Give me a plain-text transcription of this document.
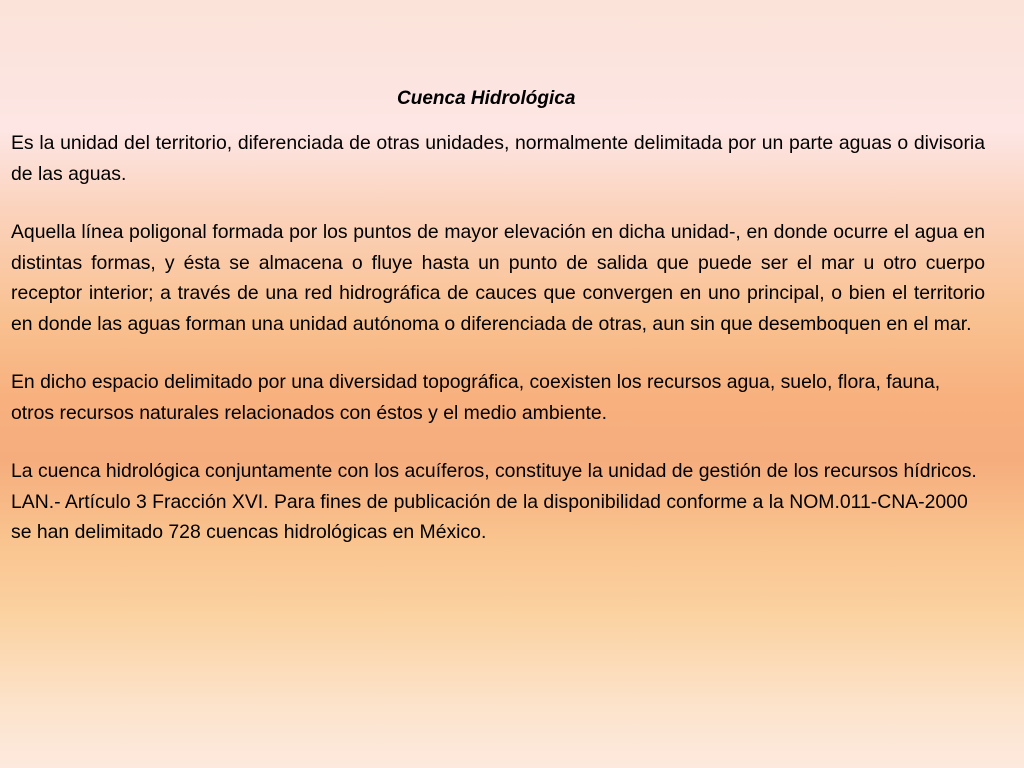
Cuenca Hidrológica

Es la unidad del territorio, diferenciada de otras unidades, normalmente delimitada por un parte aguas o divisoria de las aguas.

Aquella línea poligonal formada por los puntos de mayor elevación en dicha unidad-, en donde ocurre el agua en distintas formas, y ésta se almacena o fluye hasta un punto de salida que puede ser el mar u otro cuerpo receptor interior; a través de una red hidrográfica de cauces que convergen en uno principal, o bien el territorio en donde las aguas forman una unidad autónoma o diferenciada de otras, aun sin que desemboquen en el mar.

En dicho espacio delimitado por una diversidad topográfica, coexisten los recursos agua, suelo, flora, fauna, otros recursos naturales relacionados con éstos y el medio ambiente.

La cuenca hidrológica conjuntamente con los acuíferos, constituye la unidad de gestión de los recursos hídricos. LAN.- Artículo 3 Fracción XVI. Para fines de publicación de la disponibilidad conforme a la NOM.011-CNA-2000 se han delimitado 728 cuencas hidrológicas en México.
